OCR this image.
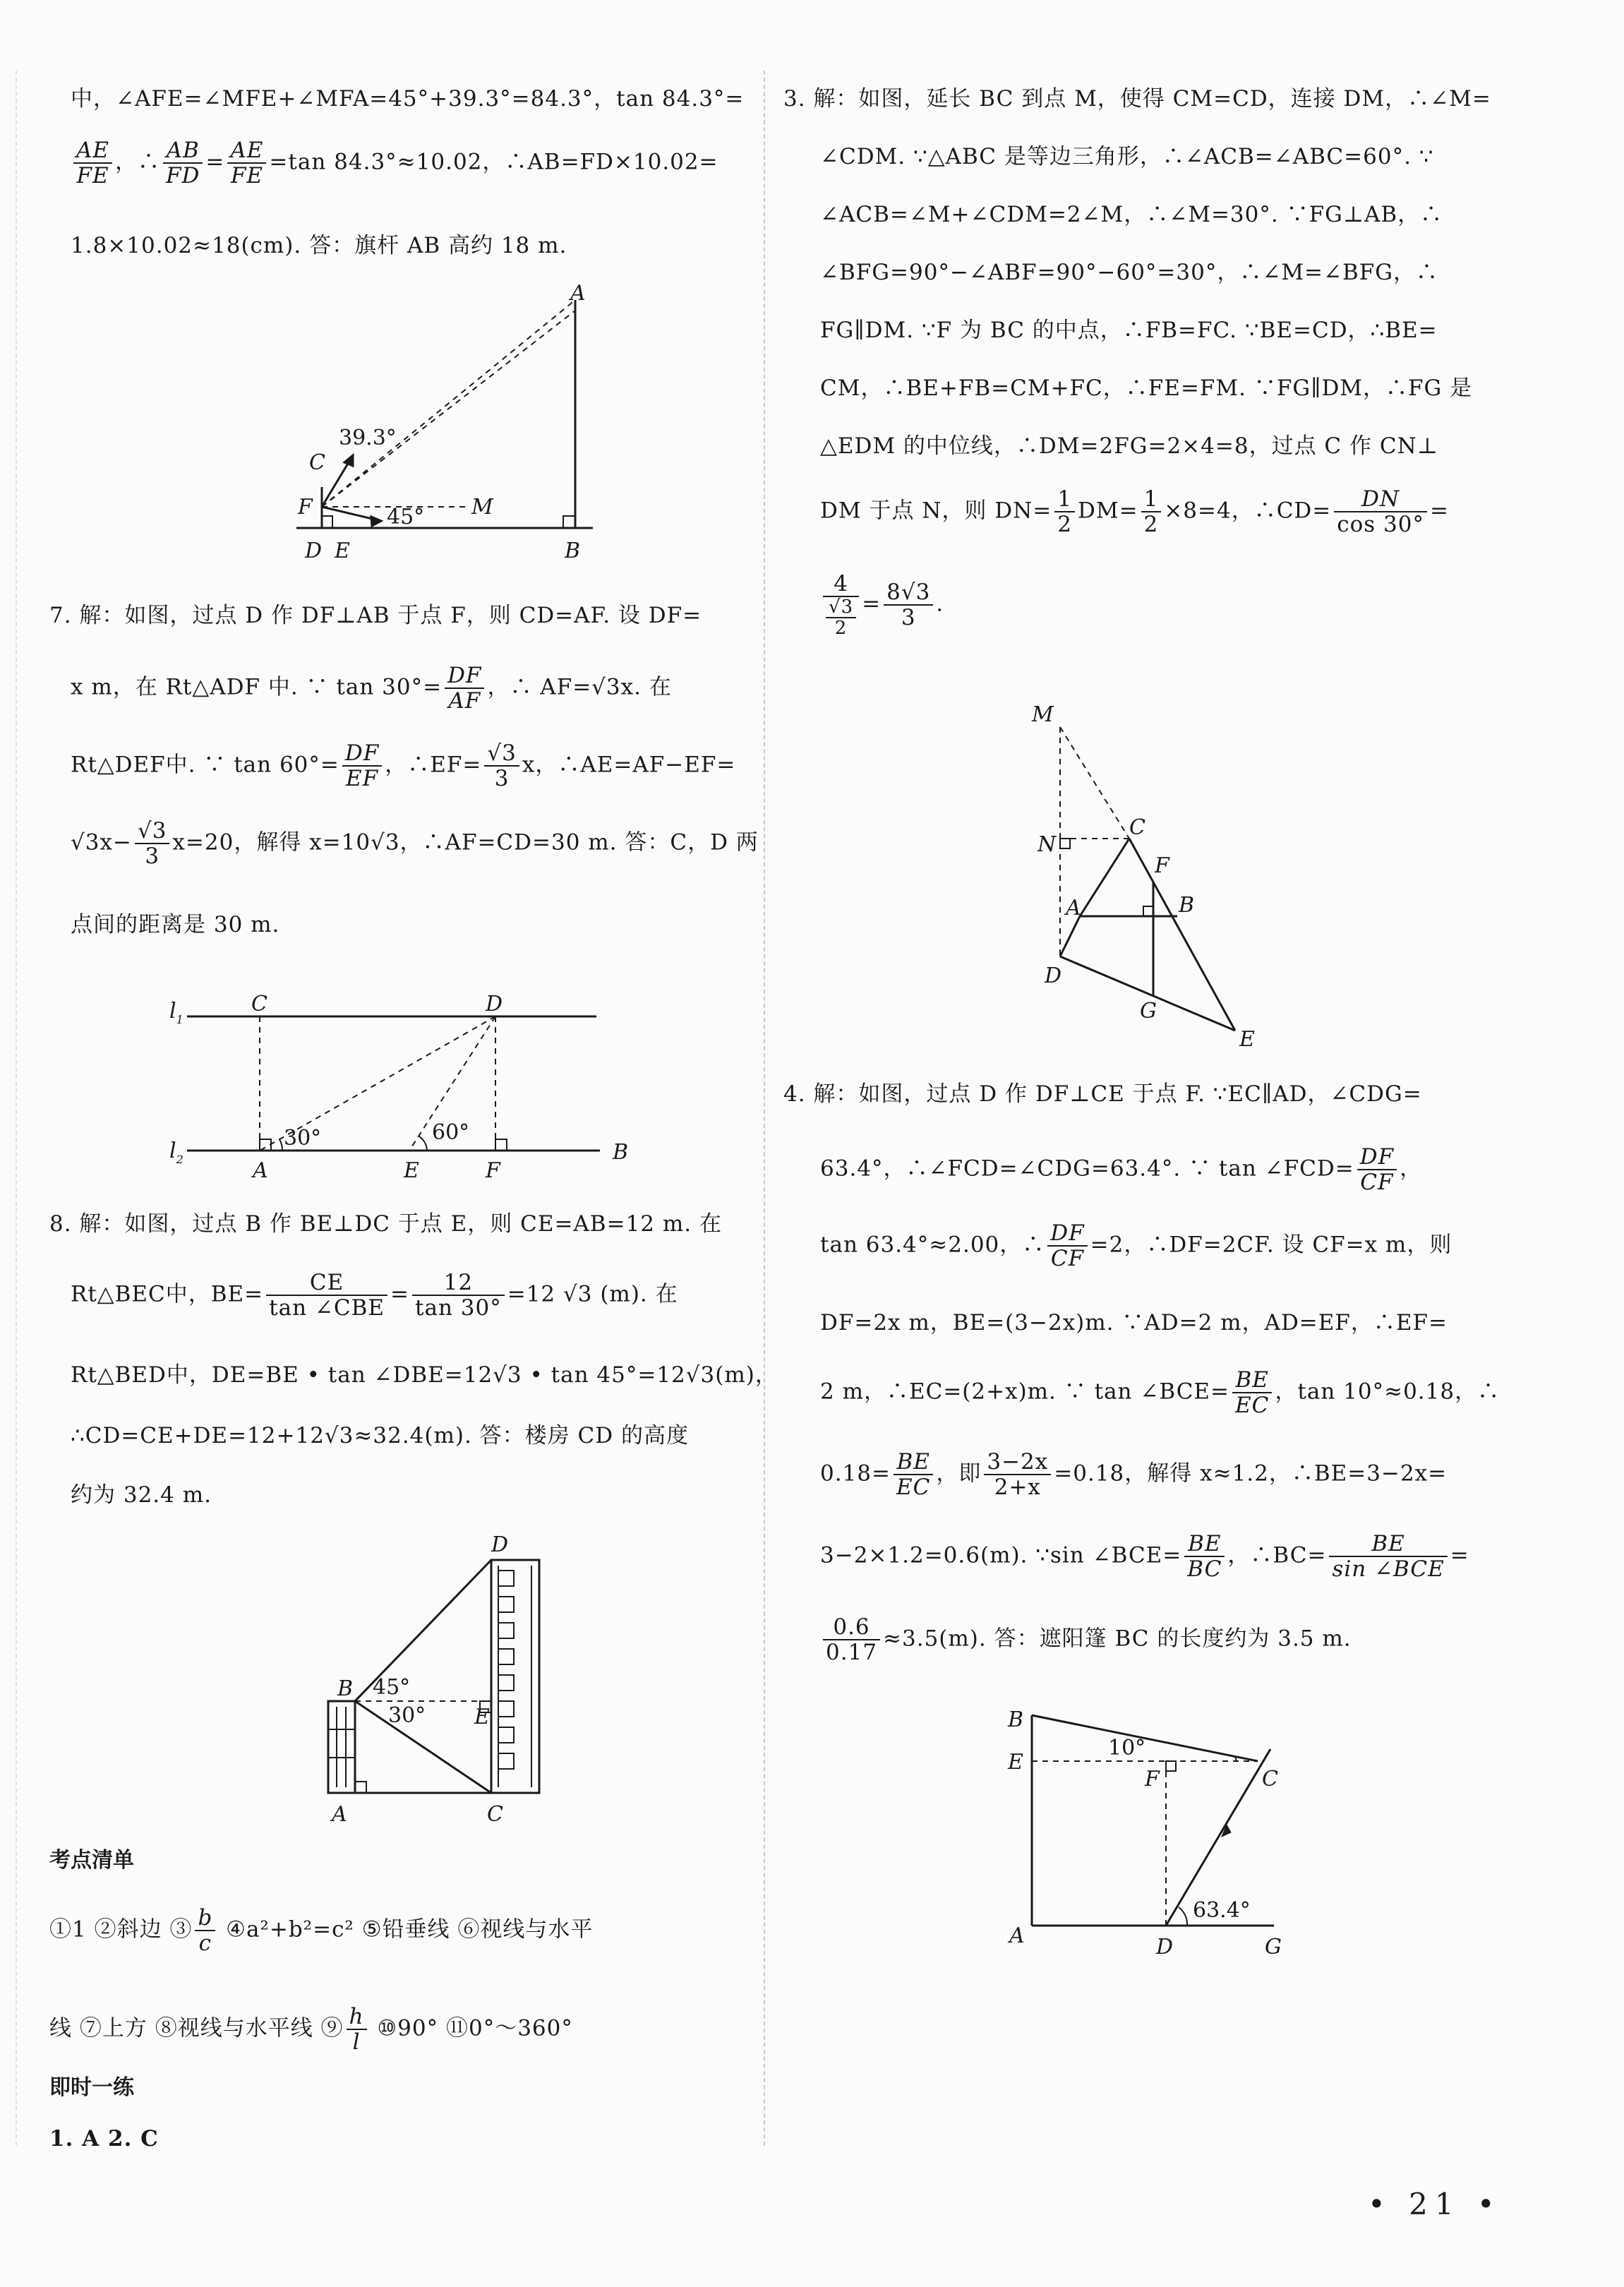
中，∠AFE=∠MFE+∠MFA=45°+39.3°=84.3°，tan 84.3°=
$\frac{AE}{FE}$ ，∴ $\frac{AB}{FD} = \frac{AE}{FE} =\tan$ 84.3°≈10.02，∴AB=FD×10.02=
1.8×10.02≈18(cm). 答：旗杆 AB 高约 18 m.
A
B
C
D E
F	M
39.3°
45°
7. 解：如图，过点 D 作 DF⊥AB 于点 F，则 CD=AF. 设 DF=
x m，在 Rt△ADF 中. ∵ $\tan 30^\circ= \frac{DF}{AF}$ ，∴ AF=√3x. 在
Rt△DEF中. ∵ $\tan 60^\circ= \frac{DF}{EF}$ ，∴EF= $\frac{√3}{3}$ x，∴AE=AF−EF=
$√3x- \frac{√3}{3} x=20$，解得 x=10√3，∴AF=CD=30 m. 答：C，D 两
点间的距离是 30 m.
$l_1$
$l_2$
C	D
A	E	F
B
30°	60°
8. 解：如图，过点 B 作 BE⊥DC 于点 E，则 CE=AB=12 m. 在
Rt△BEC中，$BE= \frac{CE}{\text{tan ∠CBE}} = \frac{12}{\tan 30^\circ} =12$ √3 (m). 在
Rt△BED中，DE=BE • tan ∠DBE=12√3 • tan 45°=12√3(m)，
∴CD=CE+DE=12+12√3≈32.4(m). 答：楼房 CD 的高度
约为 32.4 m.
D
B
E
A	C
45°
30°
考点清单
①1 ②斜边 ③ $\frac{b}{c}$ ④a²+b²=c² ⑤铅垂线 ⑥视线与水平
线 ⑦上方 ⑧视线与水平线 ⑨ $\frac{h}{l}$ ⑩90° ⑪0°～360°
即时一练
1. A 2. C
3. 解：如图，延长 BC 到点 M，使得 CM=CD，连接 DM，∴∠M=
∠CDM. ∵△ABC 是等边三角形，∴∠ACB=∠ABC=60°. ∵
∠ACB=∠M+∠CDM=2∠M，∴∠M=30°. ∵FG⊥AB，∴
∠BFG=90°−∠ABF=90°−60°=30°，∴∠M=∠BFG，∴
FG∥DM. ∵F 为 BC 的中点，∴FB=FC. ∵BE=CD，∴BE=
CM，∴BE+FB=CM+FC，∴FE=FM. ∵FG∥DM，∴FG 是
△EDM 的中位线，∴DM=2FG=2×4=8，过点 C 作 CN⊥
DM 于点 N，则 $DN= \frac{1}{2} DM= \frac{1}{2} \times 8=4$，∴CD= $\frac{DN}{\cos 30^\circ}$ =
$\frac{4}{\frac{√3}{2}} = \frac{8√3}{3}$ .
M
N
C
F
A	B
D
G
E
4. 解：如图，过点 D 作 DF⊥CE 于点 F. ∵EC∥AD，∠CDG=
63.4°，∴∠FCD=∠CDG=63.4°. ∵ tan ∠FCD= $\frac{DF}{CF}$ ，
tan 63.4°≈2.00，∴ $\frac{DF}{CF} =2$，∴DF=2CF. 设 CF=x m，则
DF=2x m，BE=(3−2x)m. ∵AD=2 m，AD=EF，∴EF=
2 m，∴EC=(2+x)m. ∵ tan ∠BCE= $\frac{BE}{EC}$ ，tan 10°≈0.18，∴
$0.18= \frac{BE}{EC}$ ，即 $\frac{3-2x}{2+x} =0.18$，解得 x≈1.2，∴BE=3−2x=
3−2×1.2=0.6(m). ∵sin ∠BCE= $\frac{BE}{BC}$ ，∴BC= $\frac{BE}{\text{sin ∠BCE}}$ =
$\frac{0.6}{0.17} \approx 3.5(m)$. 答：遮阳篷 BC 的长度约为 3.5 m.
B
E
F	C
A	D	G
10°
63.4°
• 21 •
